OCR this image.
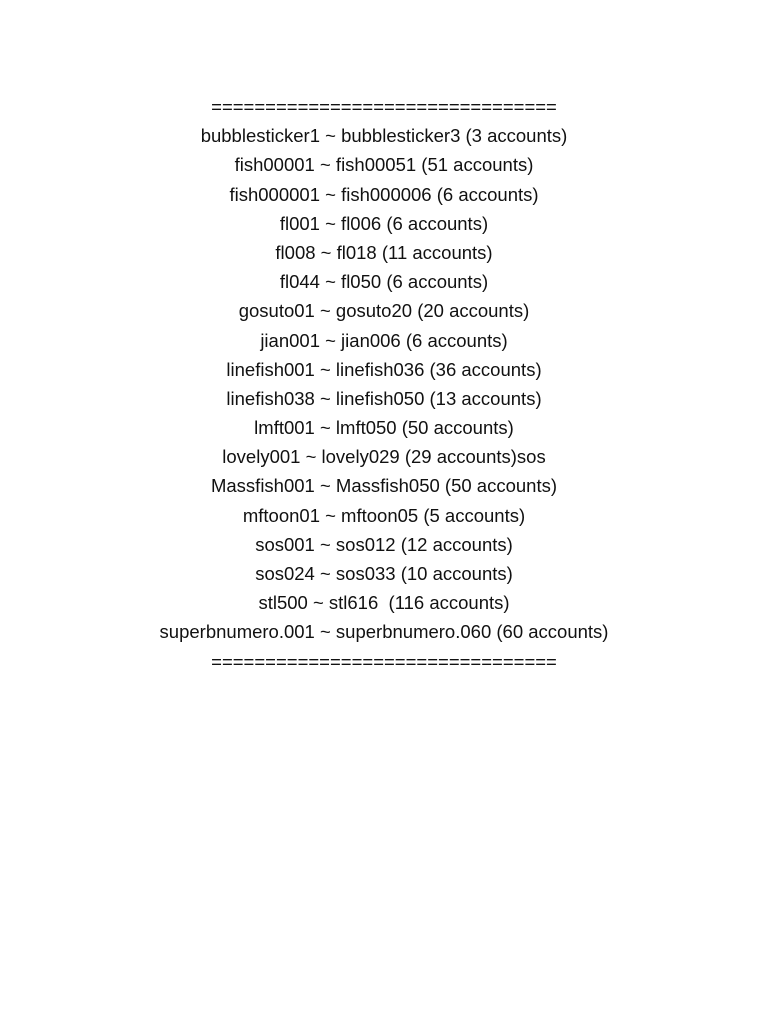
================================

bubblesticker1 ~ bubblesticker3 (3 accounts)

fish00001 ~ fish00051 (51 accounts)

fish000001 ~ fish000006 (6 accounts)

fl001 ~ fl006 (6 accounts)

fl008 ~ fl018 (11 accounts)

fl044 ~ fl050 (6 accounts)

gosuto01 ~ gosuto20 (20 accounts)

jian001 ~ jian006 (6 accounts)

linefish001 ~ linefish036 (36 accounts)

linefish038 ~ linefish050 (13 accounts)

lmft001 ~ lmft050 (50 accounts)

lovely001 ~ lovely029 (29 accounts)sos

Massfish001 ~ Massfish050 (50 accounts)

mftoon01 ~ mftoon05 (5 accounts)

sos001 ~ sos012 (12 accounts)

sos024 ~ sos033 (10 accounts)

stl500 ~ stl616  (116 accounts)

superbnumero.001 ~ superbnumero.060 (60 accounts)

================================
